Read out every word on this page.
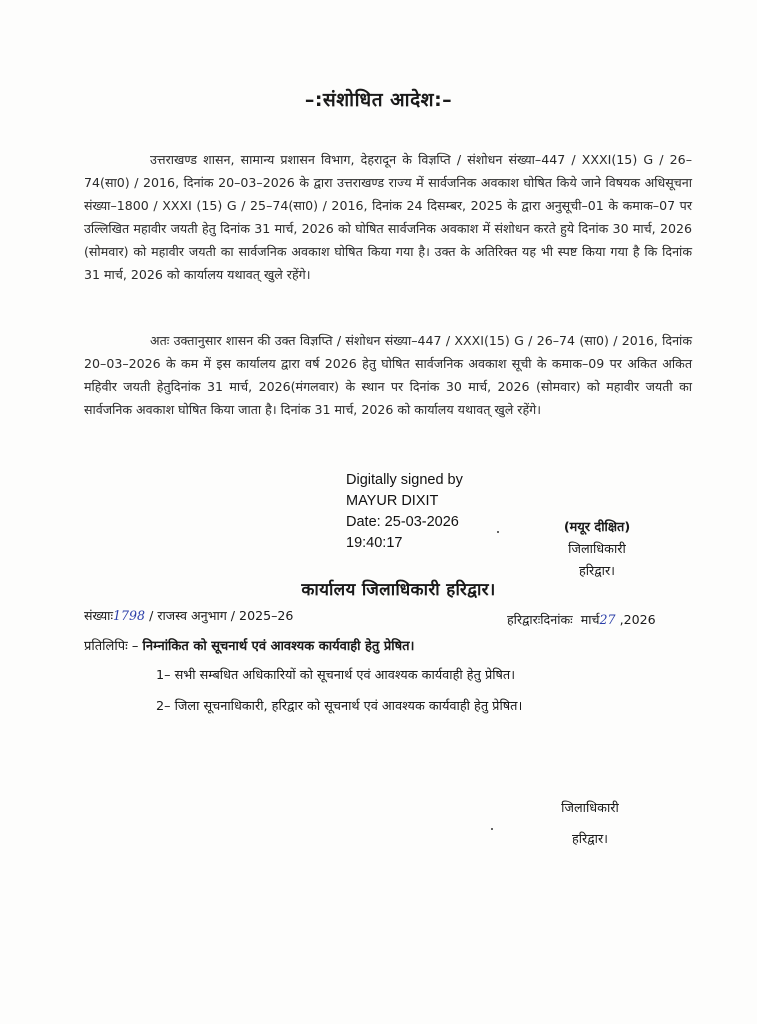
–:संशोधित आदेश:–
उत्तराखण्ड शासन, सामान्य प्रशासन विभाग, देहरादून के विज्ञप्ति / संशोधन संख्या–447 / XXXI(15) G / 26–74(सा0) / 2016, दिनांक 20–03–2026 के द्वारा उत्तराखण्ड राज्य में सार्वजनिक अवकाश घोषित किये जाने विषयक अधिसूचना संख्या–1800 / XXXI (15) G / 25–74(सा0) / 2016, दिनांक 24 दिसम्बर, 2025 के द्वारा अनुसूची–01 के कमाक–07 पर उल्लिखित महावीर जयती हेतु दिनांक 31 मार्च, 2026 को घोषित सार्वजनिक अवकाश में संशोधन करते हुये दिनांक 30 मार्च, 2026 (सोमवार) को महावीर जयती का सार्वजनिक अवकाश घोषित किया गया है। उक्त के अतिरिक्त यह भी स्पष्ट किया गया है कि दिनांक 31 मार्च, 2026 को कार्यालय यथावत् खुले रहेंगे।
अतः उक्तानुसार शासन की उक्त विज्ञप्ति / संशोधन संख्या–447 / XXXI(15) G / 26–74 (सा0) / 2016, दिनांक 20–03–2026 के कम में इस कार्यालय द्वारा वर्ष 2026 हेतु घोषित सार्वजनिक अवकाश सूची के कमाक–09 पर अकित अकित महिवीर जयती हेतुदिनांक 31 मार्च, 2026(मंगलवार) के स्थान पर दिनांक 30 मार्च, 2026 (सोमवार) को महावीर जयती का सार्वजनिक अवकाश घोषित किया जाता है। दिनांक 31 मार्च, 2026 को कार्यालय यथावत् खुले रहेंगे।
Digitally signed by
MAYUR DIXIT
Date: 25-03-2026
19:40:17
(मयूर दीक्षित)
जिलाधिकारी
हरिद्वार।
कार्यालय जिलाधिकारी हरिद्वार।
संख्याः1798 / राजस्व अनुभाग / 2025–26	हरिद्वारःदिनांकः मार्च27 ,2026
प्रतिलिपिः – निम्नांकित को सूचनार्थ एवं आवश्यक कार्यवाही हेतु प्रेषित।
1– सभी सम्बधित अधिकारियों को सूचनार्थ एवं आवश्यक कार्यवाही हेतु प्रेषित।
2– जिला सूचनाधिकारी, हरिद्वार को सूचनार्थ एवं आवश्यक कार्यवाही हेतु प्रेषित।
जिलाधिकारी
हरिद्वार।
